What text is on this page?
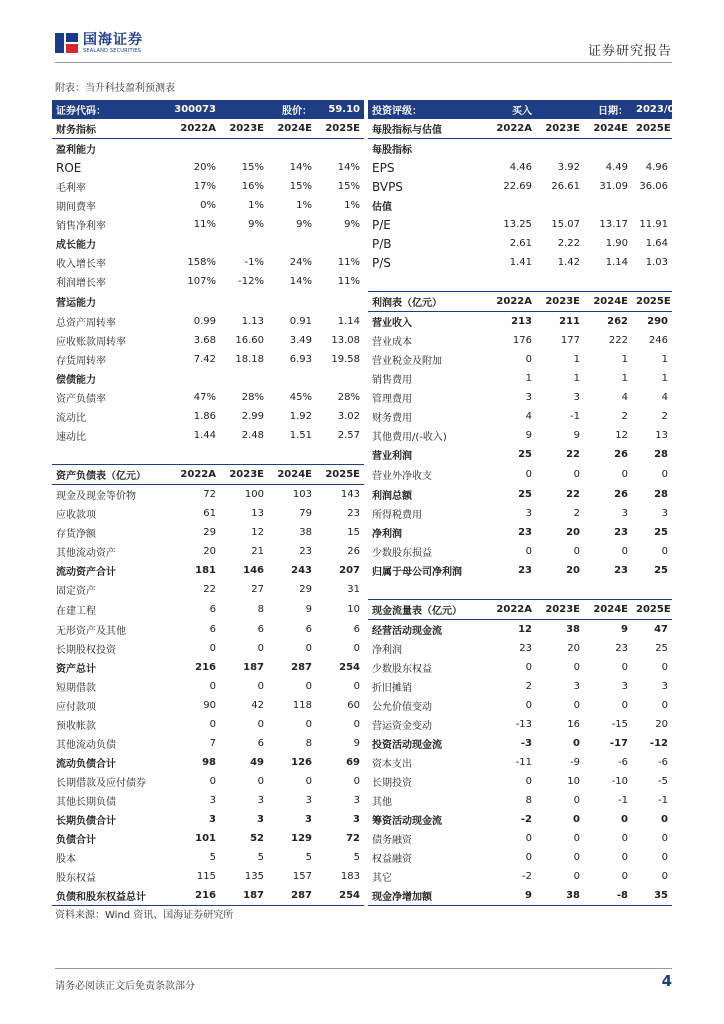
国海证券
SEALAND SECURITIES	证券研究报告
附表：当升科技盈利预测表
证券代码：	300073		股价：	59.10		投资评级：	买入		日期：	2023/04/11
财务指标	2022A	2023E	2024E	2025E		每股指标与估值	2022A	2023E	2024E	2025E
盈利能力						每股指标				
ROE	20%	15%	14%	14%		EPS	4.46	3.92	4.49	4.96
毛利率	17%	16%	15%	15%		BVPS	22.69	26.61	31.09	36.06
期间费率	0%	1%	1%	1%		估值				
销售净利率	11%	9%	9%	9%		P/E	13.25	15.07	13.17	11.91
成长能力						P/B	2.61	2.22	1.90	1.64
收入增长率	158%	-1%	24%	11%		P/S	1.41	1.42	1.14	1.03
利润增长率	107%	-12%	14%	11%						
营运能力						利润表（亿元）	2022A	2023E	2024E	2025E
总资产周转率	0.99	1.13	0.91	1.14		营业收入	213	211	262	290
应收账款周转率	3.68	16.60	3.49	13.08		营业成本	176	177	222	246
存货周转率	7.42	18.18	6.93	19.58		营业税金及附加	0	1	1	1
偿债能力						销售费用	1	1	1	1
资产负债率	47%	28%	45%	28%		管理费用	3	3	4	4
流动比	1.86	2.99	1.92	3.02		财务费用	4	-1	2	2
速动比	1.44	2.48	1.51	2.57		其他费用/(-收入)	9	9	12	13
						营业利润	25	22	26	28
资产负债表（亿元）	2022A	2023E	2024E	2025E		营业外净收支	0	0	0	0
现金及现金等价物	72	100	103	143		利润总额	25	22	26	28
应收款项	61	13	79	23		所得税费用	3	2	3	3
存货净额	29	12	38	15		净利润	23	20	23	25
其他流动资产	20	21	23	26		少数股东损益	0	0	0	0
流动资产合计	181	146	243	207		归属于母公司净利润	23	20	23	25
固定资产	22	27	29	31						
在建工程	6	8	9	10		现金流量表（亿元）	2022A	2023E	2024E	2025E
无形资产及其他	6	6	6	6		经营活动现金流	12	38	9	47
长期股权投资	0	0	0	0		净利润	23	20	23	25
资产总计	216	187	287	254		少数股东权益	0	0	0	0
短期借款	0	0	0	0		折旧摊销	2	3	3	3
应付款项	90	42	118	60		公允价值变动	0	0	0	0
预收帐款	0	0	0	0		营运资金变动	-13	16	-15	20
其他流动负债	7	6	8	9		投资活动现金流	-3	0	-17	-12
流动负债合计	98	49	126	69		资本支出	-11	-9	-6	-6
长期借款及应付债券	0	0	0	0		长期投资	0	10	-10	-5
其他长期负债	3	3	3	3		其他	8	0	-1	-1
长期负债合计	3	3	3	3		筹资活动现金流	-2	0	0	0
负债合计	101	52	129	72		债务融资	0	0	0	0
股本	5	5	5	5		权益融资	0	0	0	0
股东权益	115	135	157	183		其它	-2	0	0	0
负债和股东权益总计	216	187	287	254		现金净增加额	9	38	-8	35
资料来源：Wind 资讯、国海证券研究所
请务必阅读正文后免责条款部分	4
